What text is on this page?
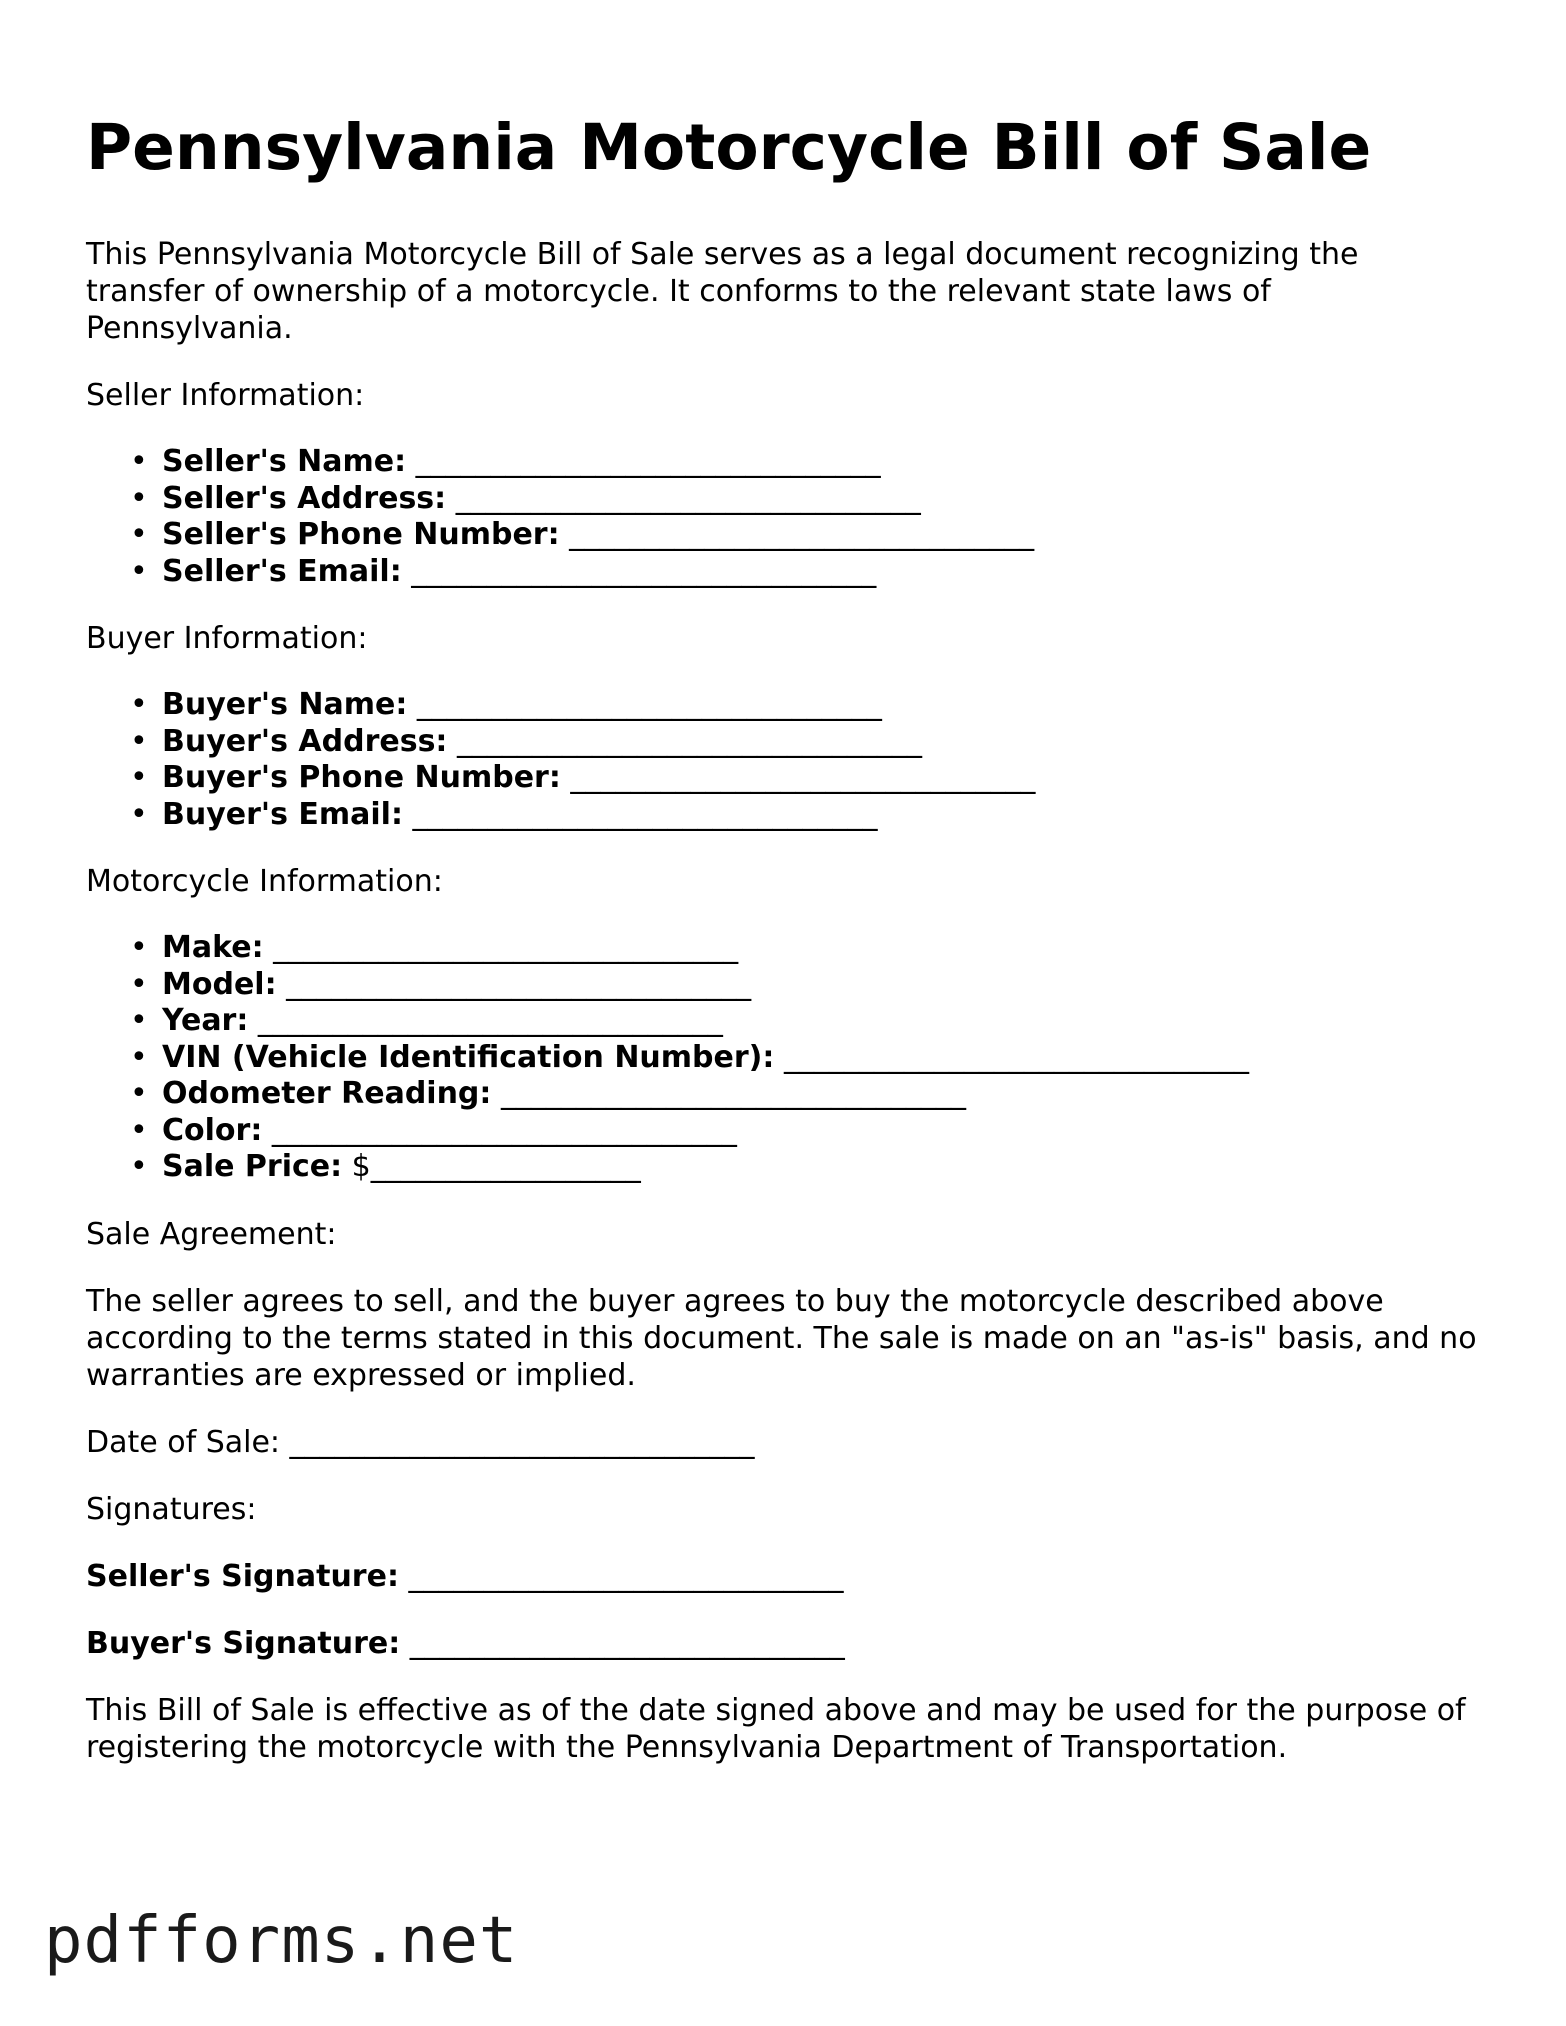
Pennsylvania Motorcycle Bill of Sale

This Pennsylvania Motorcycle Bill of Sale serves as a legal document recognizing the transfer of ownership of a motorcycle. It conforms to the relevant state laws of Pennsylvania.

Seller Information:

• Seller's Name: _______________________________
• Seller's Address: _______________________________
• Seller's Phone Number: _______________________________
• Seller's Email: _______________________________

Buyer Information:

• Buyer's Name: _______________________________
• Buyer's Address: _______________________________
• Buyer's Phone Number: _______________________________
• Buyer's Email: _______________________________

Motorcycle Information:

• Make: _______________________________
• Model: _______________________________
• Year: _______________________________
• VIN (Vehicle Identification Number): _______________________________
• Odometer Reading: _______________________________
• Color: _______________________________
• Sale Price: $__________________

Sale Agreement:

The seller agrees to sell, and the buyer agrees to buy the motorcycle described above according to the terms stated in this document. The sale is made on an "as-is" basis, and no warranties are expressed or implied.

Date of Sale: _______________________________

Signatures:

Seller's Signature: _____________________________
Buyer's Signature: _____________________________

This Bill of Sale is effective as of the date signed above and may be used for the purpose of registering the motorcycle with the Pennsylvania Department of Transportation.

pdfforms.net
